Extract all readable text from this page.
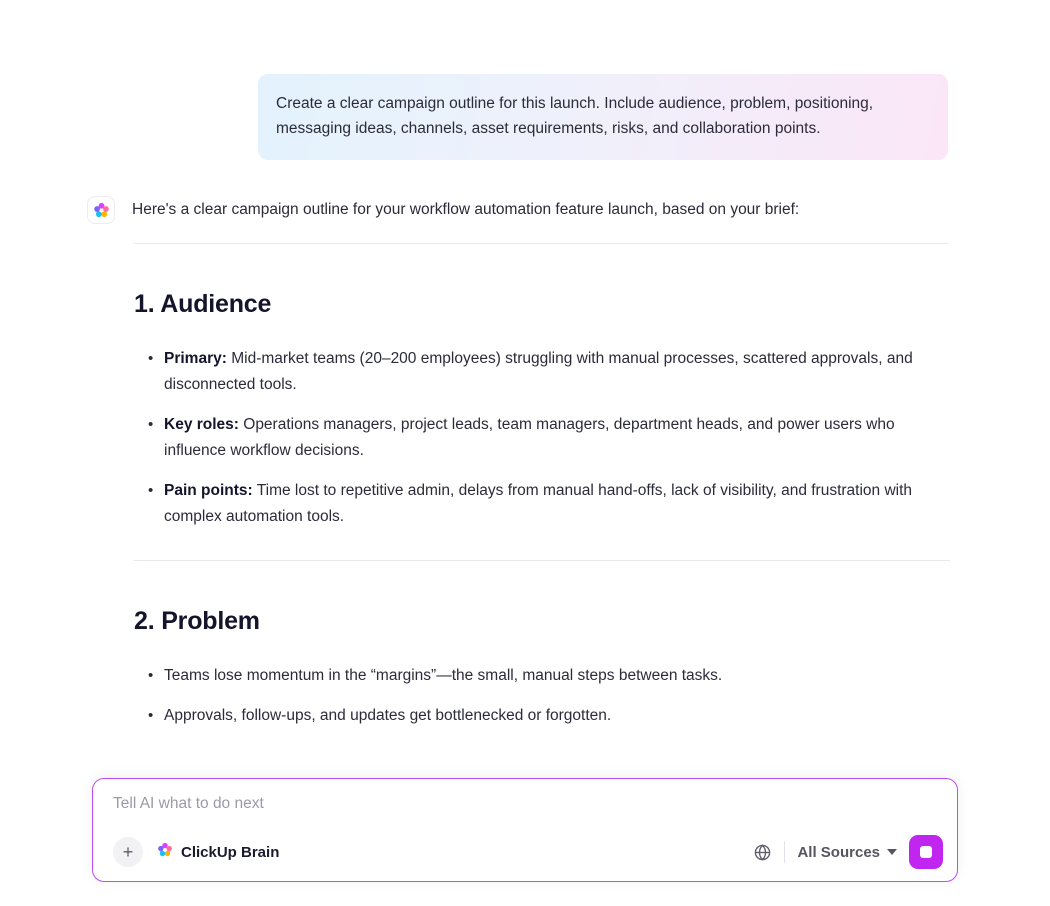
Create a clear campaign outline for this launch. Include audience, problem, positioning, messaging ideas, channels, asset requirements, risks, and collaboration points.
Here's a clear campaign outline for your workflow automation feature launch, based on your brief:
1. Audience
• Primary: Mid-market teams (20–200 employees) struggling with manual processes, scattered approvals, and disconnected tools.
• Key roles: Operations managers, project leads, team managers, department heads, and power users who influence workflow decisions.
• Pain points: Time lost to repetitive admin, delays from manual hand-offs, lack of visibility, and frustration with complex automation tools.
2. Problem
• Teams lose momentum in the “margins”—the small, manual steps between tasks.
• Approvals, follow-ups, and updates get bottlenecked or forgotten.
Tell AI what to do next
+	ClickUp Brain	All Sources
